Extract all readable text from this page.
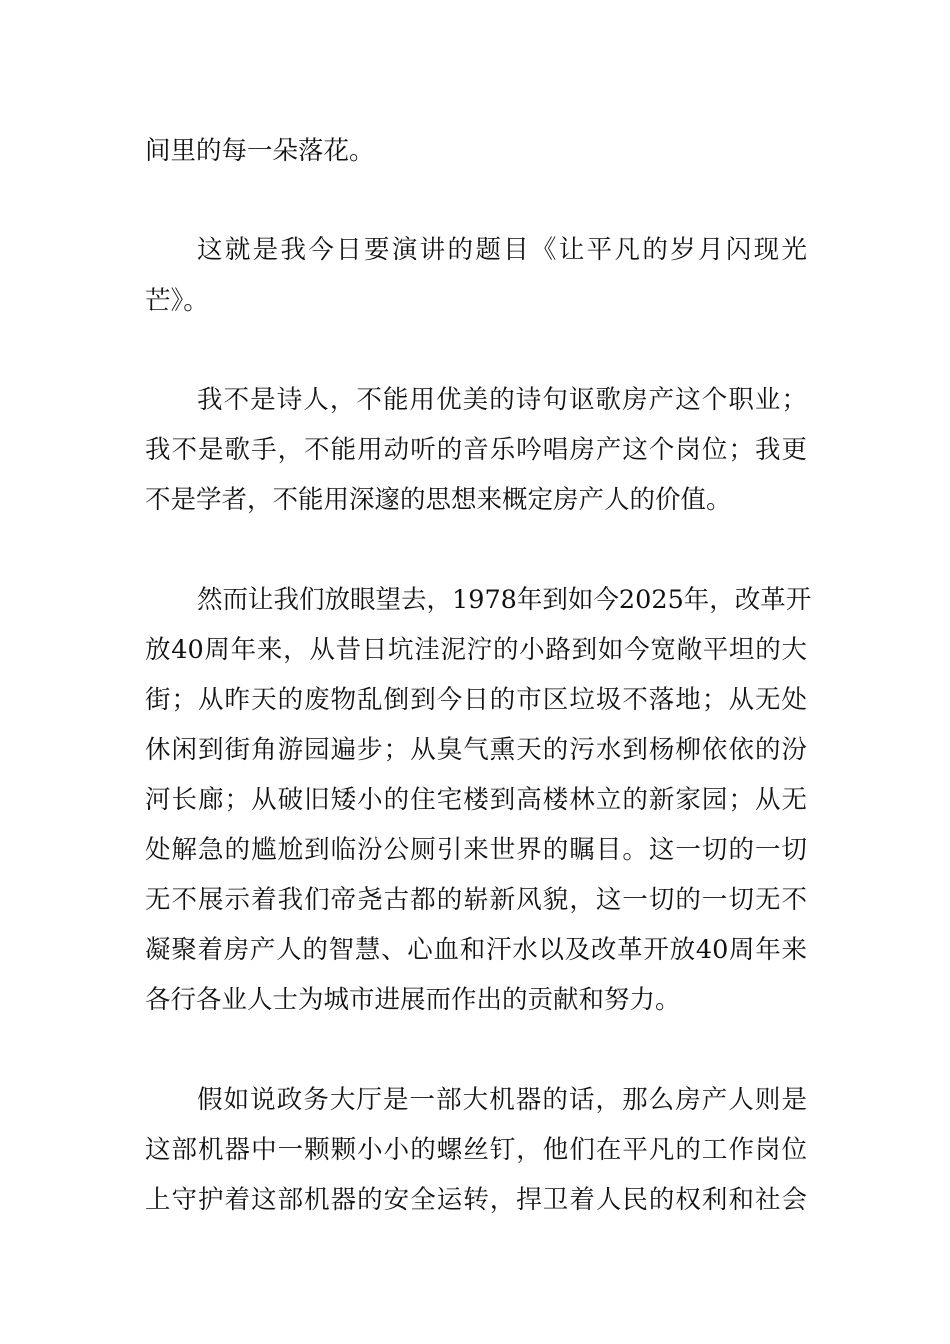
间里的每一朵落花。
这就是我今日要演讲的题目《让平凡的岁月闪现光
芒》。
我不是诗人，不能用优美的诗句讴歌房产这个职业；
我不是歌手，不能用动听的音乐吟唱房产这个岗位；我更
不是学者，不能用深邃的思想来概定房产人的价值。
然而让我们放眼望去，1978年到如今2025年，改革开
放40周年来，从昔日坑洼泥泞的小路到如今宽敞平坦的大
街；从昨天的废物乱倒到今日的市区垃圾不落地；从无处
休闲到街角游园遍步；从臭气熏天的污水到杨柳依依的汾
河长廊；从破旧矮小的住宅楼到高楼林立的新家园；从无
处解急的尴尬到临汾公厕引来世界的瞩目。这一切的一切
无不展示着我们帝尧古都的崭新风貌，这一切的一切无不
凝聚着房产人的智慧、心血和汗水以及改革开放40周年来
各行各业人士为城市进展而作出的贡献和努力。
假如说政务大厅是一部大机器的话，那么房产人则是
这部机器中一颗颗小小的螺丝钉，他们在平凡的工作岗位
上守护着这部机器的安全运转，捍卫着人民的权利和社会
